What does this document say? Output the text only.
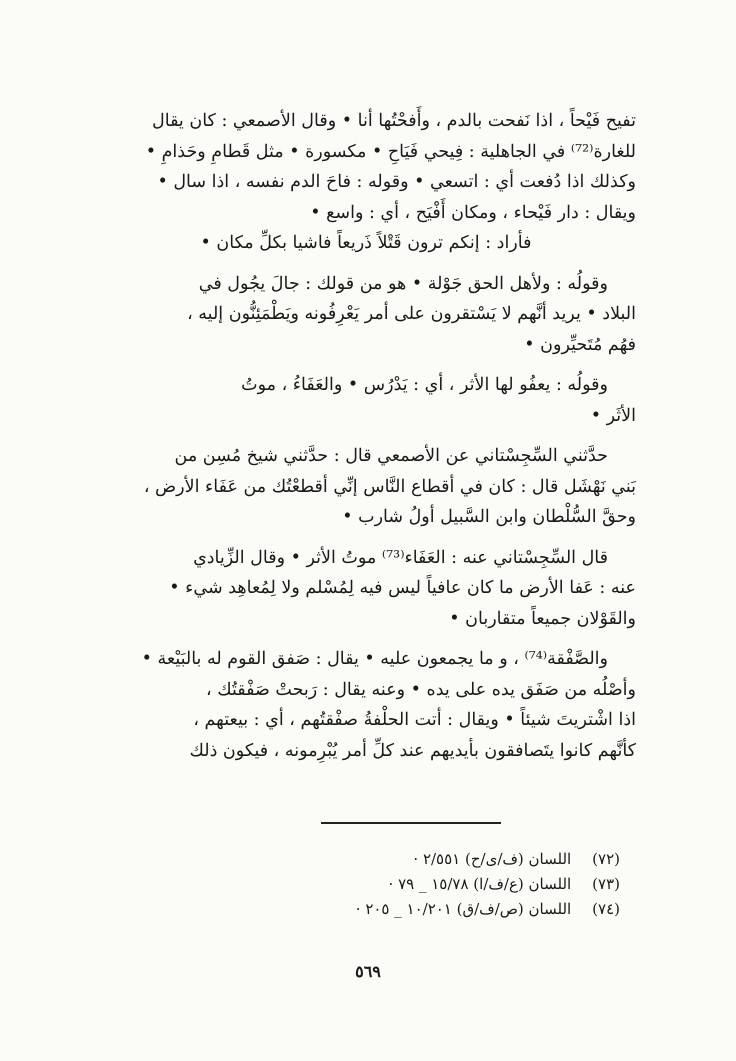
تفيح فَيْحاً ، اذا نَفحت بالدم ، وأَفحْتُها أنا • وقال الأصمعي : كان يقال
للغارة⁽⁷²⁾ في الجاهلية : فِيحي فَيَاحِ • مكسورة • مثل قَطامِ وحَذامِ •
وكذلك اذا دُفعت أي : اتسعي • وقوله : فاحَ الدم نفسه ، اذا سال •
ويقال : دار فَيْحاء ، ومكان أَفْيَح ، أي : واسع •

فأراد : إنكم ترون قَتْلاً ذَريعاً فاشيا بكلِّ مكان •

وقولُه : ولأهل الحق جَوْلة • هو من قولك : جالَ يجُول في
البلاد • يريد أنَّهم لا يَسْتقرون على أمر يَعْرِفُونه ويَطْمَئِنُّون إليه ،
فهُم مُتَحيِّرون •

وقولُه : يعفُو لها الأثر ، أي : يَدْرُس • والعَفَاءُ ، موتُ
الأثَر •

حدَّثني السِّجِسْتاني عن الأصمعي قال : حدَّثني شيخ مُسِن من
بَني نَهْشَل قال : كان في أقطاع النَّاس إنِّي أقطعْتُك من عَفَاء الأرض ،
وحقَّ السُّلْطان وابن السَّبيل أولُ شارب •

قال السِّجِسْتاني عنه : العَفَاء⁽⁷³⁾ موتُ الأثر • وقال الزِّيادي
عنه : عَفا الأرض ما كان عافياً ليس فيه لِمُسْلم ولا لِمُعاهِد شيء •
والقَوْلان جميعاً متقاربان •

والصَّفْقة⁽⁷⁴⁾ ، و ما يجمعون عليه • يقال : صَفق القوم له بالبَيْعة •
وأصْلُه من صَفَق يده على يده • وعنه يقال : رَبحتْ صَفْقتُك ،
اذا اشْتريتَ شيئاً • ويقال : أتت الحلْفةُ صفْقتُهم ، أي : بيعتهم ،
كأنَّهم كانوا يتَصافقون بأيديهم عند كلِّ أمر يُبْرِمونه ، فيكون ذلك

(٧٢) اللسان (ف/ى/ح) ٢/٥٥١ ·
(٧٣) اللسان (ع/ف/ا) ١٥/٧٨ _ ٧٩ ·
(٧٤) اللسان (ص/ف/ق) ١٠/٢٠١ _ ٢٠٥ ·
٥٦٩
